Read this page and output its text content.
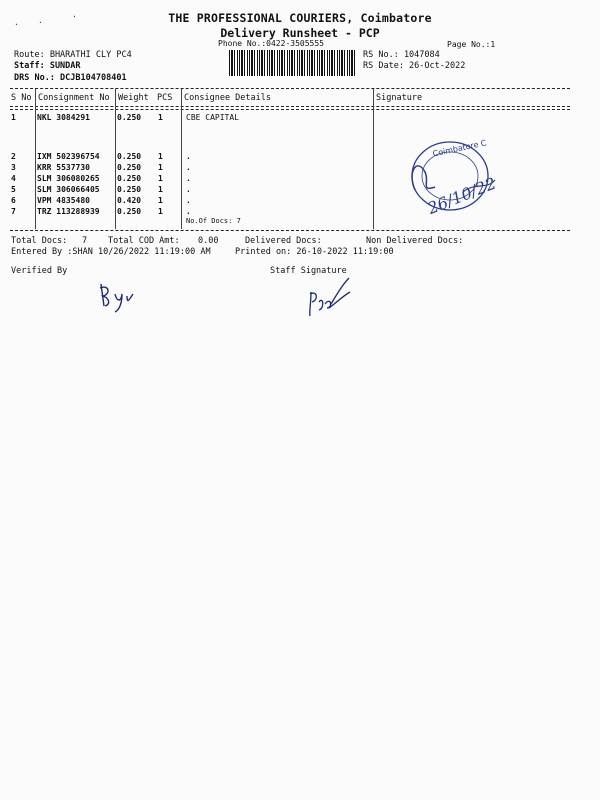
THE PROFESSIONAL COURIERS, Coimbatore
Delivery Runsheet - PCP
Phone No.:0422-3505555	Page No.:1
Route: BHARATHI CLY PC4
Staff: SUNDAR
DRS No.: DCJB104708401
RS No.: 1047084
RS Date: 26-Oct-2022
S No Consignment No Weight PCS Consignee Details	Signature
1	NKL 3084291	0.250 1	CBE CAPITAL
2	IXM 502396754 0.250 1	.
3	KRR 5537730	0.250 1	.
4	SLM 306080265 0.250 1	.
5	SLM 306066405 0.250 1	.
6	VPM 4835480	0.420 1	.
7	TRZ 113288939 0.250 1	.
No.Of Docs: 7
Coimbatore C
26/10/22
Total Docs: 7 Total COD Amt: 0.00	Delivered Docs:	Non Delivered Docs:
Entered By :SHAN 10/26/2022 11:19:00 AM	Printed on: 26-10-2022 11:19:00
Verified By	Staff Signature
· ·
·
